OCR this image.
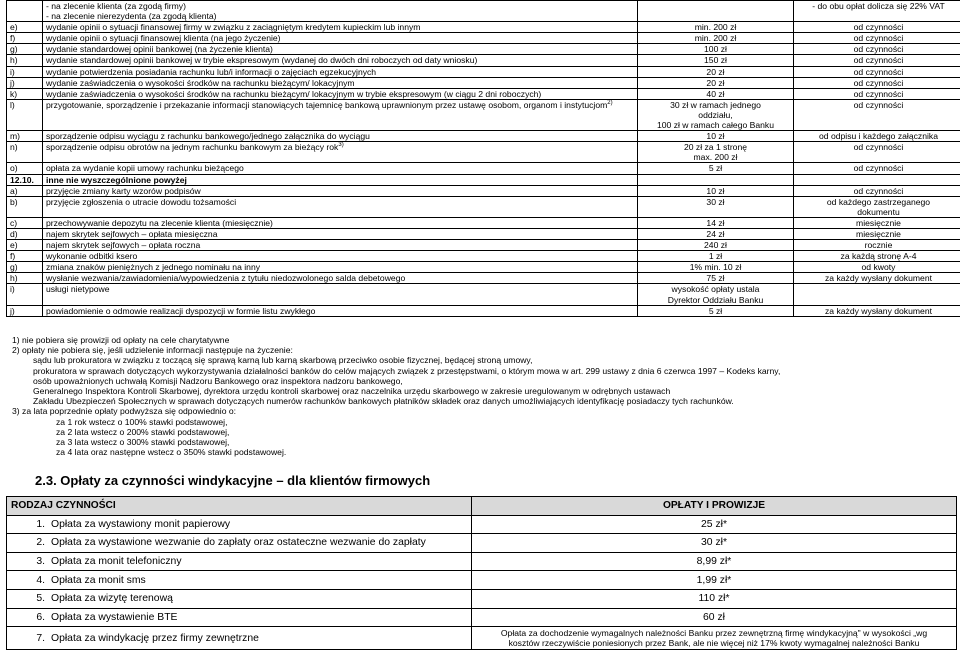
	- na zlecenie klienta (za zgodą firmy)
- na zlecenie nierezydenta (za zgodą klienta)		- do obu opłat dolicza się 22% VAT
e)	wydanie opinii o sytuacji finansowej firmy w związku z zaciągniętym kredytem kupieckim lub innym	min. 200 zł	od czynności
f)	wydanie opinii o sytuacji finansowej klienta (na jego życzenie)	min. 200 zł	od czynności
g)	wydanie standardowej opinii bankowej (na życzenie klienta)	100 zł	od czynności
h)	wydanie standardowej opinii bankowej w trybie ekspresowym (wydanej do dwóch dni roboczych od daty wniosku)	150 zł	od czynności
i)	wydanie potwierdzenia posiadania rachunku lub/i informacji o zajęciach egzekucyjnych	20 zł	od czynności
j)	wydanie zaświadczenia o wysokości środków na rachunku bieżącym/ lokacyjnym	20 zł	od czynności
k)	wydanie zaświadczenia o wysokości środków na rachunku bieżącym/ lokacyjnym w trybie ekspresowym (w ciągu 2 dni roboczych)	40 zł	od czynności
l)	przygotowanie, sporządzenie i przekazanie informacji stanowiących tajemnicę bankową uprawnionym przez ustawę osobom, organom i instytucjom$^{2)}$	30 zł w ramach jednego
oddziału,
100 zł w ramach całego Banku	od czynności
m)	sporządzenie odpisu wyciągu z rachunku bankowego/jednego załącznika do wyciągu	10 zł	od odpisu i każdego załącznika
n)	sporządzenie odpisu obrotów na jednym rachunku bankowym za bieżący rok$^{3)}$	20 zł za 1 stronę
max. 200 zł	od czynności
o)	opłata za wydanie kopii umowy rachunku bieżącego	5 zł	od czynności
12.10.	inne nie wyszczególnione powyżej		
a)	przyjęcie zmiany karty wzorów podpisów	10 zł	od czynności
b)	przyjęcie zgłoszenia o utracie dowodu tożsamości	30 zł	od każdego zastrzeganego
dokumentu

c)	przechowywanie depozytu na zlecenie klienta (miesięcznie)	14 zł	miesięcznie
d)	najem skrytek sejfowych – opłata miesięczna	24 zł	miesięcznie
e)	najem skrytek sejfowych – opłata roczna	240 zł	rocznie
f)	wykonanie odbitki ksero	1 zł	za każdą stronę A-4
g)	zmiana znaków pieniężnych z jednego nominału na inny	1% min. 10 zł	od kwoty
h)	wysłanie wezwania/zawiadomienia/wypowiedzenia z tytułu niedozwolonego salda debetowego	75 zł	za każdy wysłany dokument
i)	usługi nietypowe	wysokość opłaty ustala
Dyrektor Oddziału Banku	

j)	powiadomienie o odmowie realizacji dyspozycji w formie listu zwykłego	5 zł	za każdy wysłany dokument
1) nie pobiera się prowizji od opłaty na cele charytatywne
2) opłaty nie pobiera się, jeśli udzielenie informacji następuje na życzenie:
sądu lub prokuratora w związku z toczącą się sprawą karną lub karną skarbową przeciwko osobie fizycznej, będącej stroną umowy,
prokuratora w sprawach dotyczących wykorzystywania działalności banków do celów mających związek z przestępstwami, o którym mowa w art. 299 ustawy z dnia 6 czerwca 1997 – Kodeks karny,
osób upoważnionych uchwałą Komisji Nadzoru Bankowego oraz inspektora nadzoru bankowego,
Generalnego Inspektora Kontroli Skarbowej, dyrektora urzędu kontroli skarbowej oraz naczelnika urzędu skarbowego w zakresie uregulowanym w odrębnych ustawach
Zakładu Ubezpieczeń Społecznych w sprawach dotyczących numerów rachunków bankowych płatników składek oraz danych umożliwiających identyfikację posiadaczy tych rachunków.
3) za lata poprzednie opłaty podwyższa się odpowiednio o:
za 1 rok wstecz o 100% stawki podstawowej,
za 2 lata wstecz o 200% stawki podstawowej,
za 3 lata wstecz o 300% stawki podstawowej,
za 4 lata oraz następne wstecz o 350% stawki podstawowej.
2.3. Opłaty za czynności windykacyjne – dla klientów firmowych
RODZAJ CZYNNOŚCI	OPŁATY I PROWIZJE
1. Opłata za wystawiony monit papierowy	25 zł*
2. Opłata za wystawione wezwanie do zapłaty oraz ostateczne wezwanie do zapłaty	30 zł*
3. Opłata za monit telefoniczny	8,99 zł*
4. Opłata za monit sms	1,99 zł*
5. Opłata za wizytę terenową	110 zł*
6. Opłata za wystawienie BTE	60 zł
7. Opłata za windykację przez firmy zewnętrzne	Opłata za dochodzenie wymagalnych należności Banku przez zewnętrzną firmę windykacyjną" w wysokości „wg
kosztów rzeczywiście poniesionych przez Bank, ale nie więcej niż 17% kwoty wymagalnej należności Banku
